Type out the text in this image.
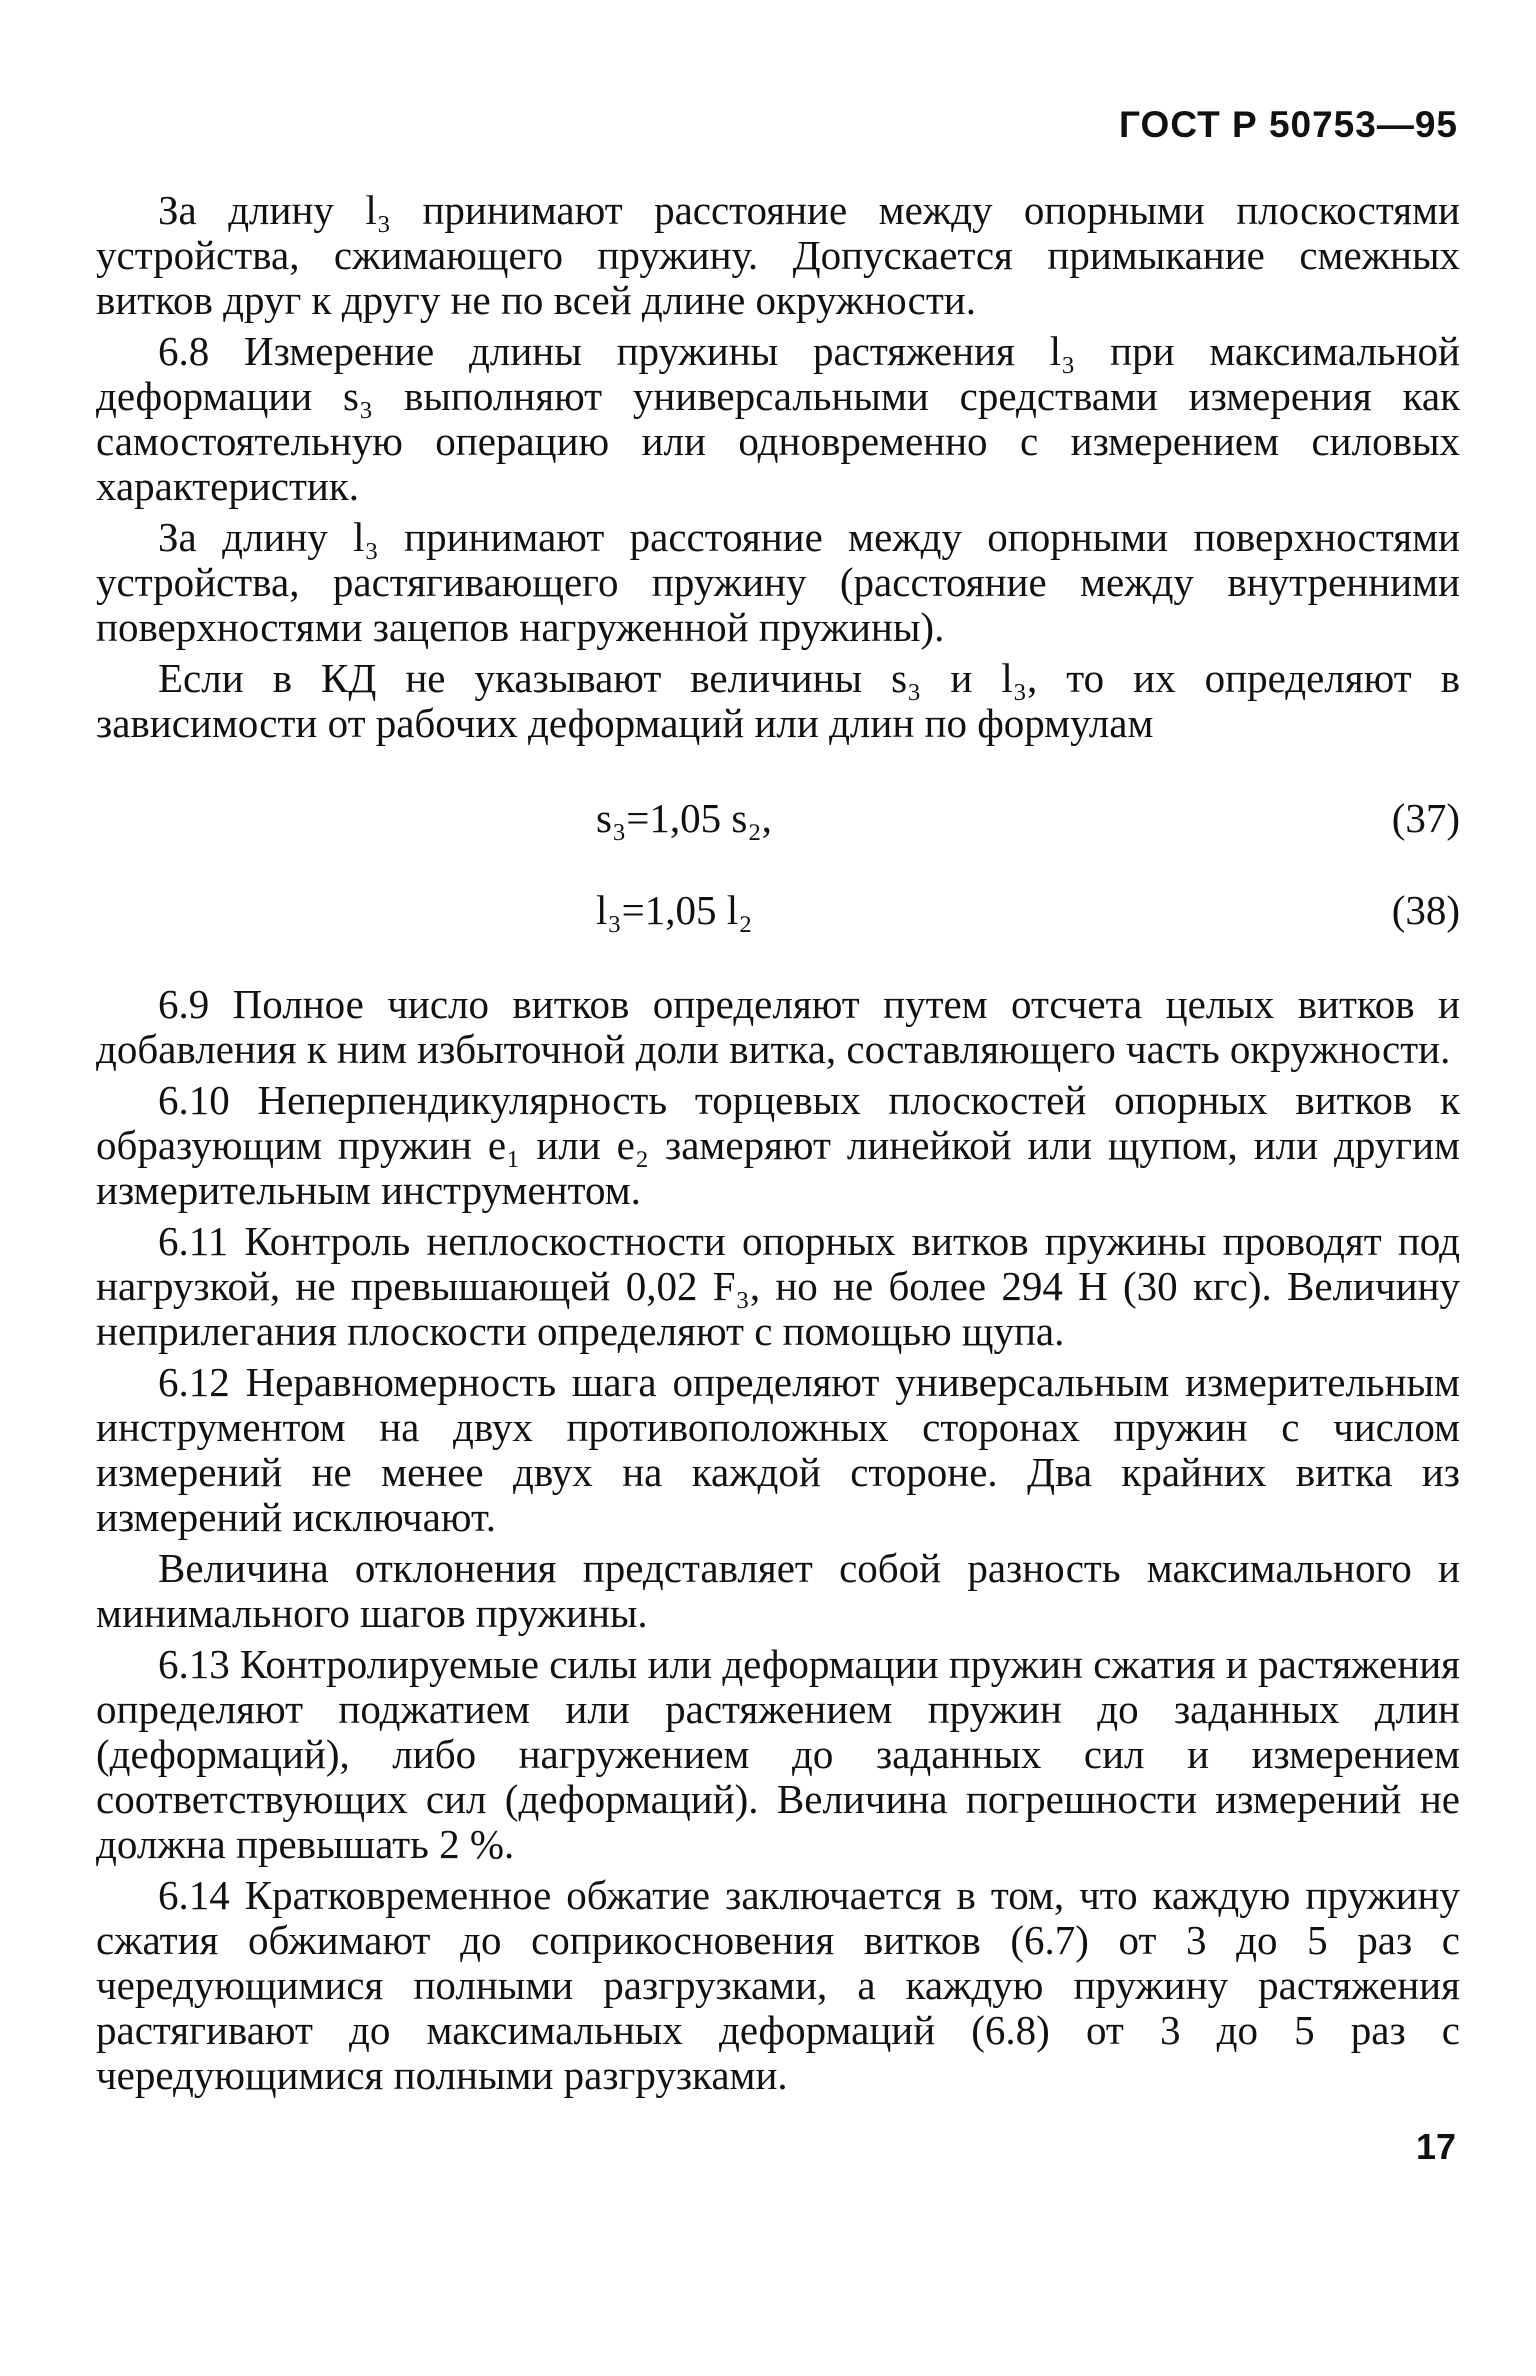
ГОСТ Р 50753—95

За длину l₃ принимают расстояние между опорными плоскостями устройства, сжимающего пружину. Допускается примыкание смежных витков друг к другу не по всей длине окружности.

6.8 Измерение длины пружины растяжения l₃ при максимальной деформации s₃ выполняют универсальными средствами измерения как самостоятельную операцию или одновременно с измерением силовых характеристик.

За длину l₃ принимают расстояние между опорными поверхностями устройства, растягивающего пружину (расстояние между внутренними поверхностями зацепов нагруженной пружины).

Если в КД не указывают величины s₃ и l₃, то их определяют в зависимости от рабочих деформаций или длин по формулам

s₃=1,05 s₂,	(37)
l₃=1,05 l₂	(38)

6.9 Полное число витков определяют путем отсчета целых витков и добавления к ним избыточной доли витка, составляющего часть окружности.

6.10 Неперпендикулярность торцевых плоскостей опорных витков к образующим пружин e₁ или e₂ замеряют линейкой или щупом, или другим измерительным инструментом.

6.11 Контроль неплоскостности опорных витков пружины проводят под нагрузкой, не превышающей 0,02 F₃, но не более 294 Н (30 кгс). Величину неприлегания плоскости определяют с помощью щупа.

6.12 Неравномерность шага определяют универсальным измерительным инструментом на двух противоположных сторонах пружин с числом измерений не менее двух на каждой стороне. Два крайних витка из измерений исключают.

Величина отклонения представляет собой разность максимального и минимального шагов пружины.

6.13 Контролируемые силы или деформации пружин сжатия и растяжения определяют поджатием или растяжением пружин до заданных длин (деформаций), либо нагружением до заданных сил и измерением соответствующих сил (деформаций). Величина погрешности измерений не должна превышать 2 %.

6.14 Кратковременное обжатие заключается в том, что каждую пружину сжатия обжимают до соприкосновения витков (6.7) от 3 до 5 раз с чередующимися полными разгрузками, а каждую пружину растяжения растягивают до максимальных деформаций (6.8) от 3 до 5 раз с чередующимися полными разгрузками.

17
